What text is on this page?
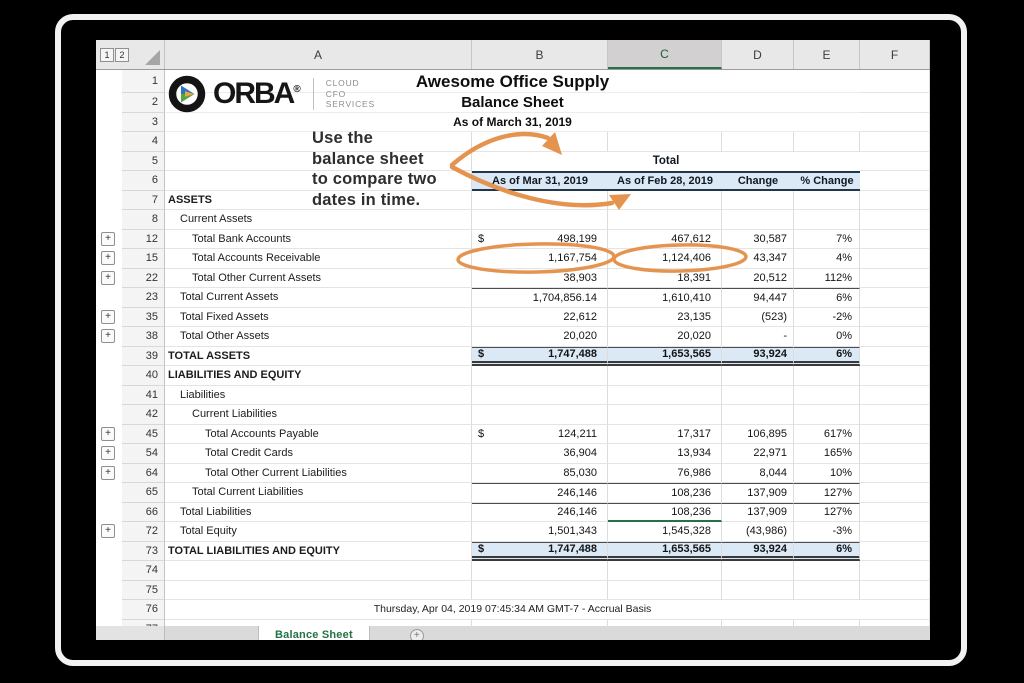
1	2	A	B	C	D	E	F
1
2
3
4
5	Total
6	As of Mar 31, 2019	As of Feb 28, 2019	Change	% Change
7 ASSETS
8	Current Assets
+	12	Total Bank Accounts	$	498,199	467,612	30,587	7%
+	15	Total Accounts Receivable	1,167,754	1,124,406	43,347	4%
+	22	Total Other Current Assets	38,903	18,391	20,512	112%
23	Total Current Assets	1,704,856.14	1,610,410	94,447	6%
+	35	Total Fixed Assets	22,612	23,135	(523)	-2%
+	38	Total Other Assets	20,020	20,020	-	0%
39 TOTAL ASSETS	$	1,747,488	1,653,565	93,924	6%
40 LIABILITIES AND EQUITY
41	Liabilities
42	Current Liabilities
+	45	Total Accounts Payable	$	124,211	17,317	106,895	617%
+	54	Total Credit Cards	36,904	13,934	22,971	165%
+	64	Total Other Current Liabilities	85,030	76,986	8,044	10%
65	Total Current Liabilities	246,146	108,236	137,909	127%
66	Total Liabilities	246,146	108,236	137,909	127%
+	72	Total Equity	1,501,343	1,545,328	(43,986)	-3%
73 TOTAL LIABILITIES AND EQUITY	$	1,747,488	1,653,565	93,924	6%
74
75
76	Thursday, Apr 04, 2019 07:45:34 AM GMT-7 - Accrual Basis
ORBA®
CLOUD
CFO
SERVICES
Awesome Office Supply
Balance Sheet
As of March 31, 2019
Use the
balance sheet
to compare two
dates in time.
Balance Sheet	+
